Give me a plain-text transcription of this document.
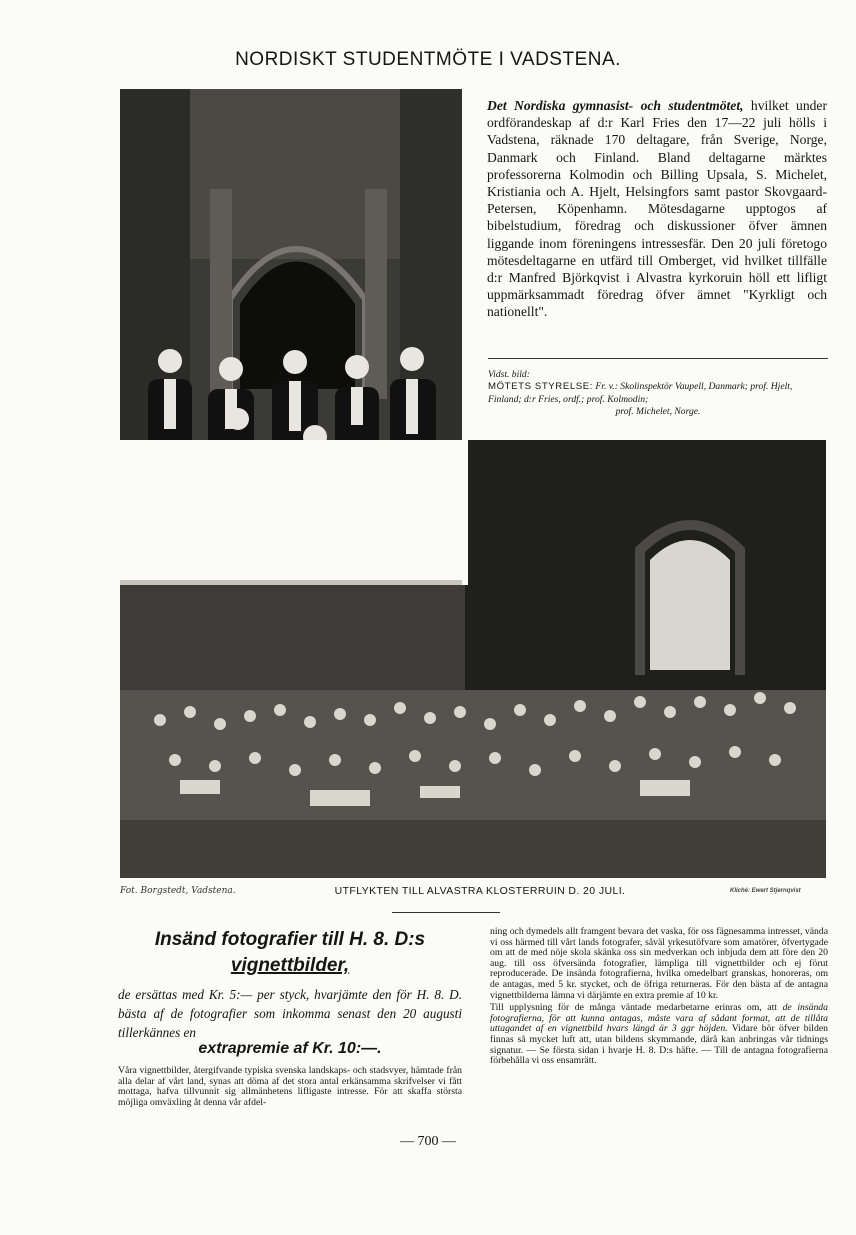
NORDISKT STUDENTMÖTE I VADSTENA.

Det Nordiska gymnasist- och studentmötet, hvilket under ordförandeskap af d:r Karl Fries den 17—22 juli hölls i Vadstena, räknade 170 deltagare, från Sverige, Norge, Danmark och Finland. Bland deltagarne märktes professorerna Kolmodin och Billing Upsala, S. Michelet, Kristiania och A. Hjelt, Helsingfors samt pastor Skovgaard-Petersen, Köpenhamn. Mötesdagarne upptogos af bibelstudium, föredrag och diskussioner öfver ämnen liggande inom föreningens intressesfär. Den 20 juli företogo mötesdeltagarne en utfärd till Omberget, vid hvilket tillfälle d:r Manfred Björkqvist i Alvastra kyrkoruin höll ett lifligt uppmärksammadt föredrag öfver ämnet "Kyrkligt och nationellt".

Vidst. bild:
MÖTETS STYRELSE: Fr. v.: Skolinspektör Vaupell, Danmark; prof. Hjelt, Finland; d:r Fries, ordf.; prof. Kolmodin;
prof. Michelet, Norge.
Fot. Borgstedt, Vadstena.	UTFLYKTEN TILL ALVASTRA KLOSTERRUIN D. 20 JULI.	Kliché: Ewert Stjernqvist
Insänd fotografier till H. 8. D:s
vignettbilder,

de ersättas med Kr. 5:— per styck, hvarjämte den för H. 8. D. bästa af de fotografier som inkomma senast den 20 augusti tillerkännes en

extrapremie af Kr. 10:—.

Våra vignettbilder, återgifvande typiska svenska landskaps- och stadsvyer, hämtade från alla delar af vårt land, synas att döma af det stora antal erkänsamma skrifvelser vi fått mottaga, hafva tillvunnit sig allmänhetens lifligaste intresse. För att skaffa största möjliga omväxling åt denna vår afdel-

ning och dymedels allt framgent bevara det vaska, för oss fägnesamma intresset, vända vi oss härmed till vårt lands fotografer, såväl yrkesutöfvare som amatörer, öfvertygade om att de med nöje skola skänka oss sin medverkan och inbjuda dem att före den 20 aug. till oss öfversända fotografier, lämpliga till vignettbilder och ej förut reproducerade. De insända fotografierna, hvilka omedelbart granskas, honoreras, om de antagas, med 5 kr. stycket, och de öfriga returneras. För den bästa af de antagna vignettbilderna lämna vi därjämte en extra premie af 10 kr.

Till upplysning för de många väntade medarbetarne erinras om, att de insända fotografierna, för att kunna antagas, måste vara af sådant format, att de tillåta uttagandet af en vignettbild hvars längd är 3 ggr höjden. Vidare bör öfver bilden finnas så mycket luft att, utan bildens skymmande, därå kan anbringas vår tidnings signatur. — Se första sidan i hvarje H. 8. D:s häfte. — Till de antagna fotografierna förbehålla vi oss ensamrätt.

— 700 —
